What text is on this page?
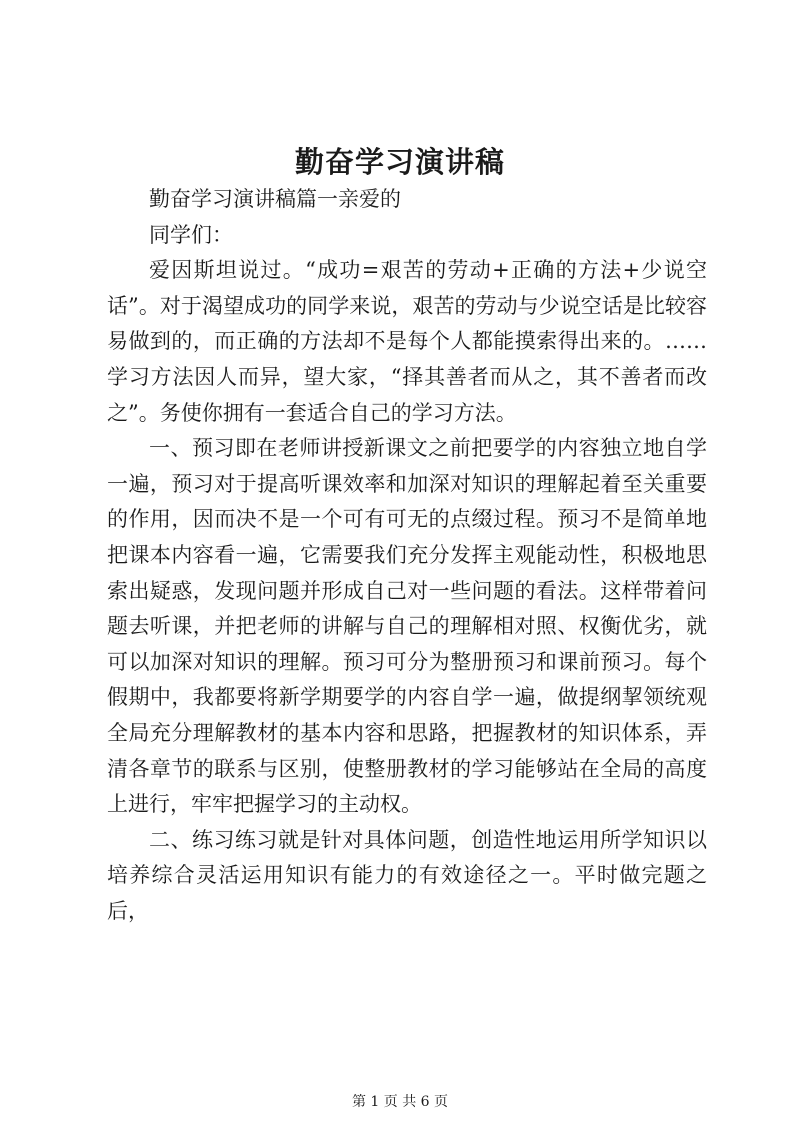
勤奋学习演讲稿

勤奋学习演讲稿篇一亲爱的

同学们：

爱因斯坦说过。“成功=艰苦的劳动+正确的方法+少说空话”。对于渴望成功的同学来说，艰苦的劳动与少说空话是比较容易做到的，而正确的方法却不是每个人都能摸索得出来的。……学习方法因人而异，望大家，“择其善者而从之，其不善者而改之”。务使你拥有一套适合自己的学习方法。

一、预习即在老师讲授新课文之前把要学的内容独立地自学一遍，预习对于提高听课效率和加深对知识的理解起着至关重要的作用，因而决不是一个可有可无的点缀过程。预习不是简单地把课本内容看一遍，它需要我们充分发挥主观能动性，积极地思索出疑惑，发现问题并形成自己对一些问题的看法。这样带着问题去听课，并把老师的讲解与自己的理解相对照、权衡优劣，就可以加深对知识的理解。预习可分为整册预习和课前预习。每个假期中，我都要将新学期要学的内容自学一遍，做提纲挈领统观全局充分理解教材的基本内容和思路，把握教材的知识体系，弄清各章节的联系与区别，使整册教材的学习能够站在全局的高度上进行，牢牢把握学习的主动权。

二、练习练习就是针对具体问题，创造性地运用所学知识以培养综合灵活运用知识有能力的有效途径之一。平时做完题之后，

第 1 页 共 6 页
